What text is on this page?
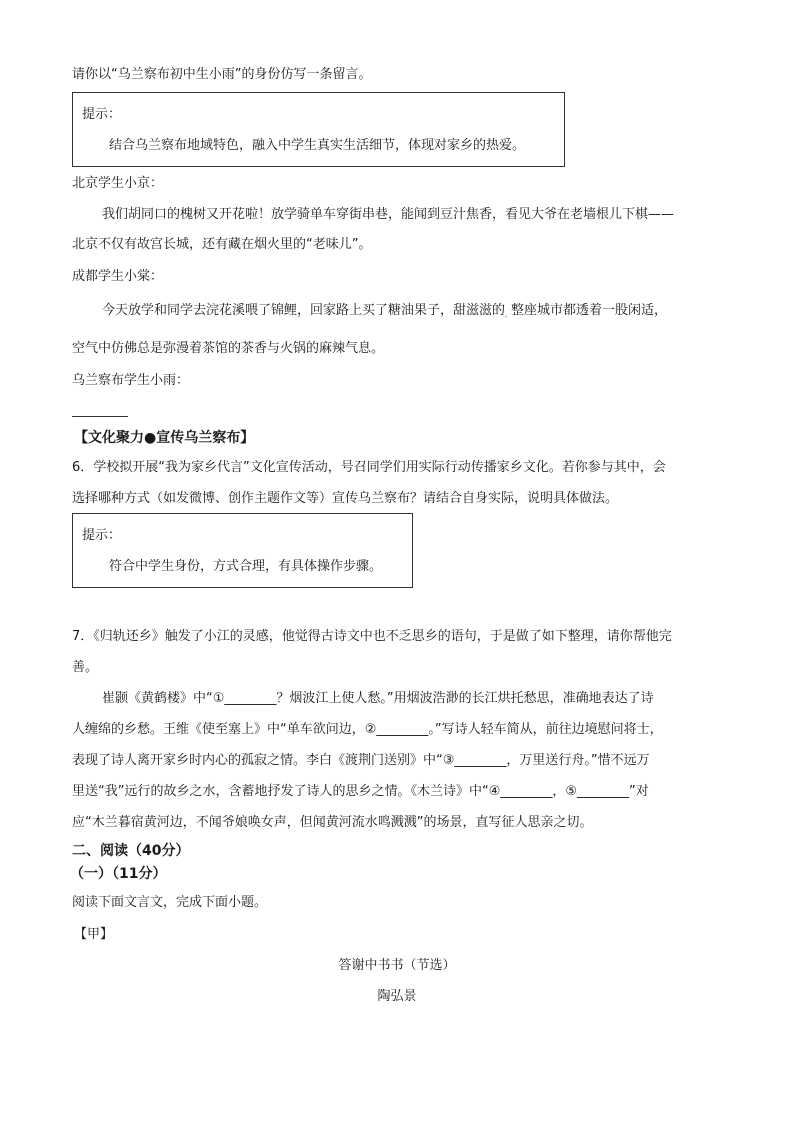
请你以“乌兰察布初中生小雨”的身份仿写一条留言。
提示：
结合乌兰察布地域特色，融入中学生真实生活细节，体现对家乡的热爱。
北京学生小京：
我们胡同口的槐树又开花啦！放学骑单车穿街串巷，能闻到豆汁焦香，看见大爷在老墙根儿下棋——
北京不仅有故宫长城，还有藏在烟火里的“老味儿”。
成都学生小棠：
今天放学和同学去浣花溪喂了锦鲤，回家路上买了糖油果子，甜滋滋的$_。$整座城市都透着一股闲适，
空气中仿佛总是弥漫着茶馆的茶香与火锅的麻辣气息。
乌兰察布学生小雨：
【文化聚力●宣传乌兰察布】
6．学校拟开展“我为家乡代言”文化宣传活动，号召同学们用实际行动传播家乡文化。若你参与其中，会
选择哪种方式（如发微博、创作主题作文等）宣传乌兰察布？请结合自身实际，说明具体做法。
提示：
符合中学生身份，方式合理，有具体操作步骤。
7．《归轨还乡》触发了小江的灵感，他觉得古诗文中也不乏思乡的语句，于是做了如下整理，请你帮他完
善。
崔颢《黄鹤楼》中“①________？烟波江上使人愁。”用烟波浩渺的长江烘托愁思，准确地表达了诗
人缠绵的乡愁。王维《使至塞上》中“单车欲问边，②________。”写诗人轻车简从，前往边境慰问将士，
表现了诗人离开家乡时内心的孤寂之情。李白《渡荆门送别》中“③________，万里送行舟。”惜不远万
里送“我”远行的故乡之水，含蓄地抒发了诗人的思乡之情。《木兰诗》中“④________，⑤________”对
应“木兰暮宿黄河边，不闻爷娘唤女声，但闻黄河流水鸣溅溅”的场景，直写征人思亲之切。
二、阅读（40分）
（一）（11分）
阅读下面文言文，完成下面小题。
【甲】
答谢中书书（节选）
陶弘景
